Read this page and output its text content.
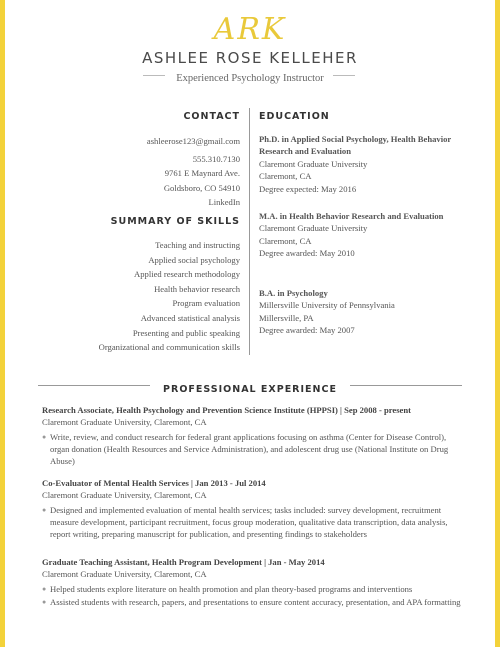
ARK
ASHLEE ROSE KELLEHER
Experienced Psychology Instructor
CONTACT
ashleerose123@gmail.com
555.310.7130
9761 E Maynard Ave.
Goldsboro, CO 54910
LinkedIn
SUMMARY OF SKILLS
Teaching and instructing
Applied social psychology
Applied research methodology
Health behavior research
Program evaluation
Advanced statistical analysis
Presenting and public speaking
Organizational and communication skills
EDUCATION
Ph.D. in Applied Social Psychology, Health Behavior Research and Evaluation
Claremont Graduate University
Claremont, CA
Degree expected: May 2016
M.A. in Health Behavior Research and Evaluation
Claremont Graduate University
Claremont, CA
Degree awarded: May 2010
B.A. in Psychology
Millersville University of Pennsylvania
Millersville, PA
Degree awarded: May 2007
PROFESSIONAL EXPERIENCE
Research Associate, Health Psychology and Prevention Science Institute (HPPSI) | Sep 2008 - present
Claremont Graduate University, Claremont, CA
● Write, review, and conduct research for federal grant applications focusing on asthma (Center for Disease Control), organ donation (Health Resources and Service Administration), and adolescent drug use (National Institute on Drug Abuse)
Co-Evaluator of Mental Health Services | Jan 2013 - Jul 2014
Claremont Graduate University, Claremont, CA
● Designed and implemented evaluation of mental health services; tasks included: survey development, recruitment measure development, participant recruitment, focus group moderation, qualitative data transcription, data analysis, report writing, preparing manuscript for publication, and presenting findings to stakeholders
Graduate Teaching Assistant, Health Program Development | Jan - May 2014
Claremont Graduate University, Claremont, CA
● Helped students explore literature on health promotion and plan theory-based programs and interventions
● Assisted students with research, papers, and presentations to ensure content accuracy, presentation, and APA formatting
